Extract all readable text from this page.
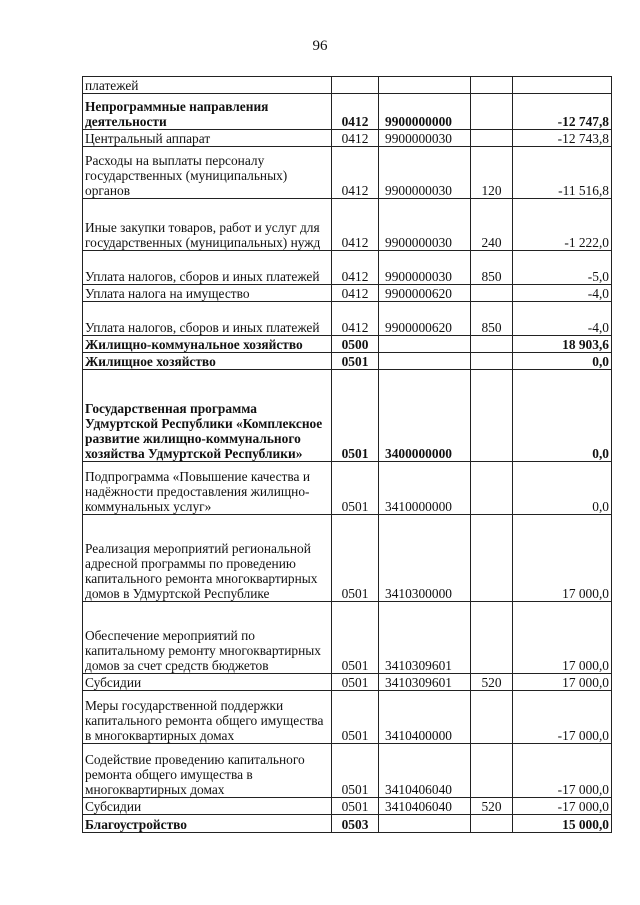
96
платежей				
Непрограммные направления деятельности	0412	9900000000		-12 747,8
Центральный аппарат	0412	9900000030		-12 743,8
Расходы на выплаты персоналу государственных (муниципальных) органов	0412	9900000030	120	-11 516,8
Иные закупки товаров, работ и услуг для государственных (муниципальных) нужд	0412	9900000030	240	-1 222,0
Уплата налогов, сборов и иных платежей	0412	9900000030	850	-5,0
Уплата налога на имущество	0412	9900000620		-4,0
Уплата налогов, сборов и иных платежей	0412	9900000620	850	-4,0
Жилищно-коммунальное хозяйство	0500			18 903,6
Жилищное хозяйство	0501			0,0
Государственная программа Удмуртской Республики «Комплексное развитие жилищно-коммунального хозяйства Удмуртской Республики»	0501	3400000000		0,0
Подпрограмма «Повышение качества и надёжности предоставления жилищно-коммунальных услуг»	0501	3410000000		0,0
Реализация мероприятий региональной адресной программы по проведению капитального ремонта многоквартирных домов в Удмуртской Республике	0501	3410300000		17 000,0
Обеспечение мероприятий по капитальному ремонту многоквартирных домов за счет средств бюджетов	0501	3410309601		17 000,0
Субсидии	0501	3410309601	520	17 000,0
Меры государственной поддержки капитального ремонта общего имущества в многоквартирных домах	0501	3410400000		-17 000,0
Содействие проведению капитального ремонта общего имущества в многоквартирных домах	0501	3410406040		-17 000,0
Субсидии	0501	3410406040	520	-17 000,0
Благоустройство	0503			15 000,0
